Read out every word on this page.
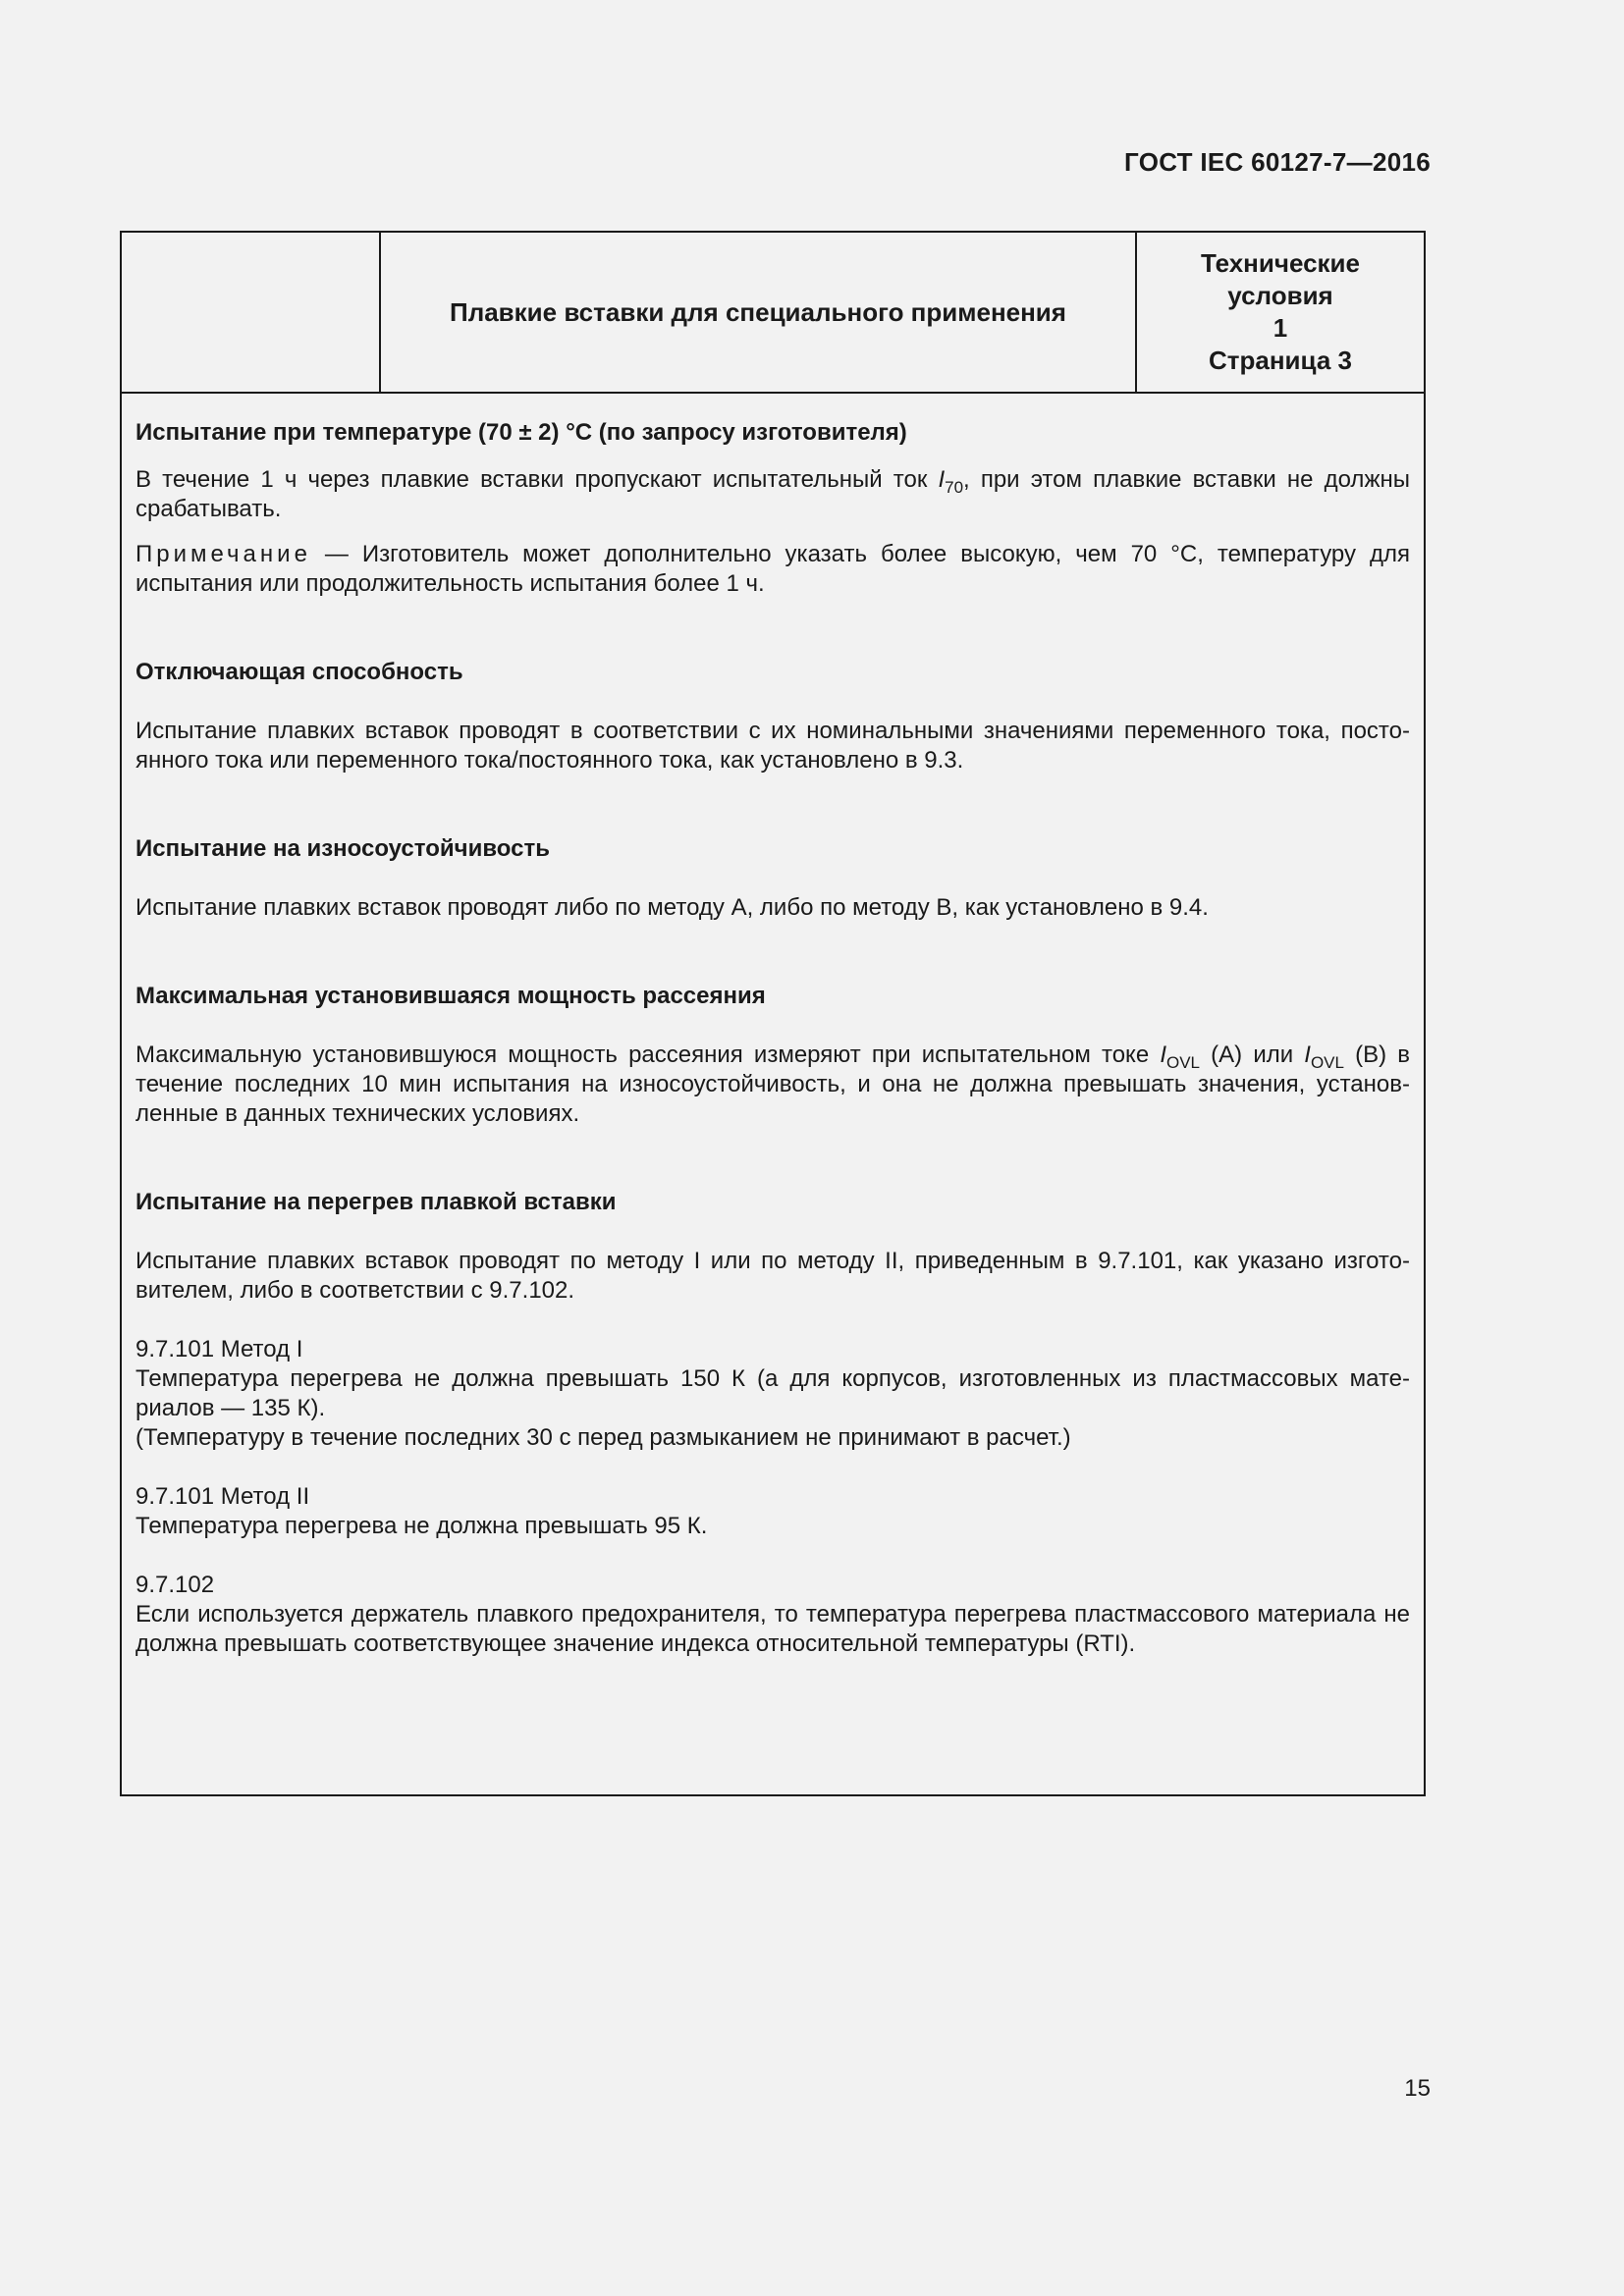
ГОСТ IEC 60127-7—2016
Плавкие вставки для специального применения
Технические
условия
1
Страница 3

Испытание при температуре (70 ± 2) °С (по запросу изготовителя)

В течение 1 ч через плавкие вставки пропускают испытательный ток $I_{70}$, при этом плавкие вставки не должны срабатывать.

Примечание — Изготовитель может дополнительно указать более высокую, чем 70 °С, температуру для испытания или продолжительность испытания более 1 ч.

Отключающая способность

Испытание плавких вставок проводят в соответствии с их номинальными значениями переменного тока, посто-янного тока или переменного тока/постоянного тока, как установлено в 9.3.

Испытание на износоустойчивость

Испытание плавких вставок проводят либо по методу А, либо по методу В, как установлено в 9.4.

Максимальная установившаяся мощность рассеяния

Максимальную установившуюся мощность рассеяния измеряют при испытательном токе $I_{OVL}$ (A) или $I_{OVL}$ (B) в течение последних 10 мин испытания на износоустойчивость, и она не должна превышать значения, установ-ленные в данных технических условиях.

Испытание на перегрев плавкой вставки

Испытание плавких вставок проводят по методу I или по методу II, приведенным в 9.7.101, как указано изгото-вителем, либо в соответствии с 9.7.102.

9.7.101 Метод I

Температура перегрева не должна превышать 150 К (а для корпусов, изготовленных из пластмассовых мате-риалов — 135 К).

(Температуру в течение последних 30 с перед размыканием не принимают в расчет.)

9.7.101 Метод II

Температура перегрева не должна превышать 95 К.

9.7.102

Если используется держатель плавкого предохранителя, то температура перегрева пластмассового материала не должна превышать соответствующее значение индекса относительной температуры (RTI).

15
